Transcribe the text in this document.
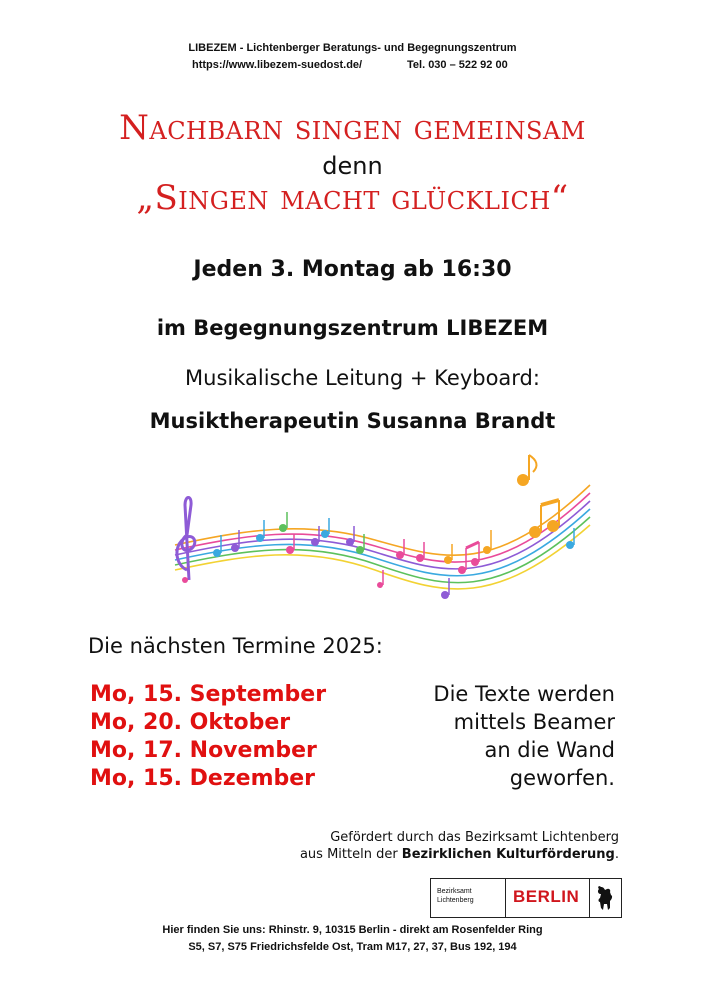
LIBEZEM - Lichtenberger Beratungs- und Begegnungszentrum
https://www.libezem-suedost.de/	Tel. 030 – 522 92 00
Nachbarn singen gemeinsam
denn
„Singen macht glücklich“
Jeden 3. Montag ab 16:30
im Begegnungszentrum LIBEZEM
Musikalische Leitung + Keyboard:
Musiktherapeutin Susanna Brandt
Die nächsten Termine 2025:
Mo, 15. September
Mo, 20. Oktober
Mo, 17. November
Mo, 15. Dezember
Die Texte werden
mittels Beamer
an die Wand
geworfen.
Gefördert durch das Bezirksamt Lichtenberg
aus Mitteln der Bezirklichen Kulturförderung.
Bezirksamt
Lichtenberg BERLIN
Hier finden Sie uns: Rhinstr. 9, 10315 Berlin - direkt am Rosenfelder Ring
S5, S7, S75 Friedrichsfelde Ost, Tram M17, 27, 37, Bus 192, 194
